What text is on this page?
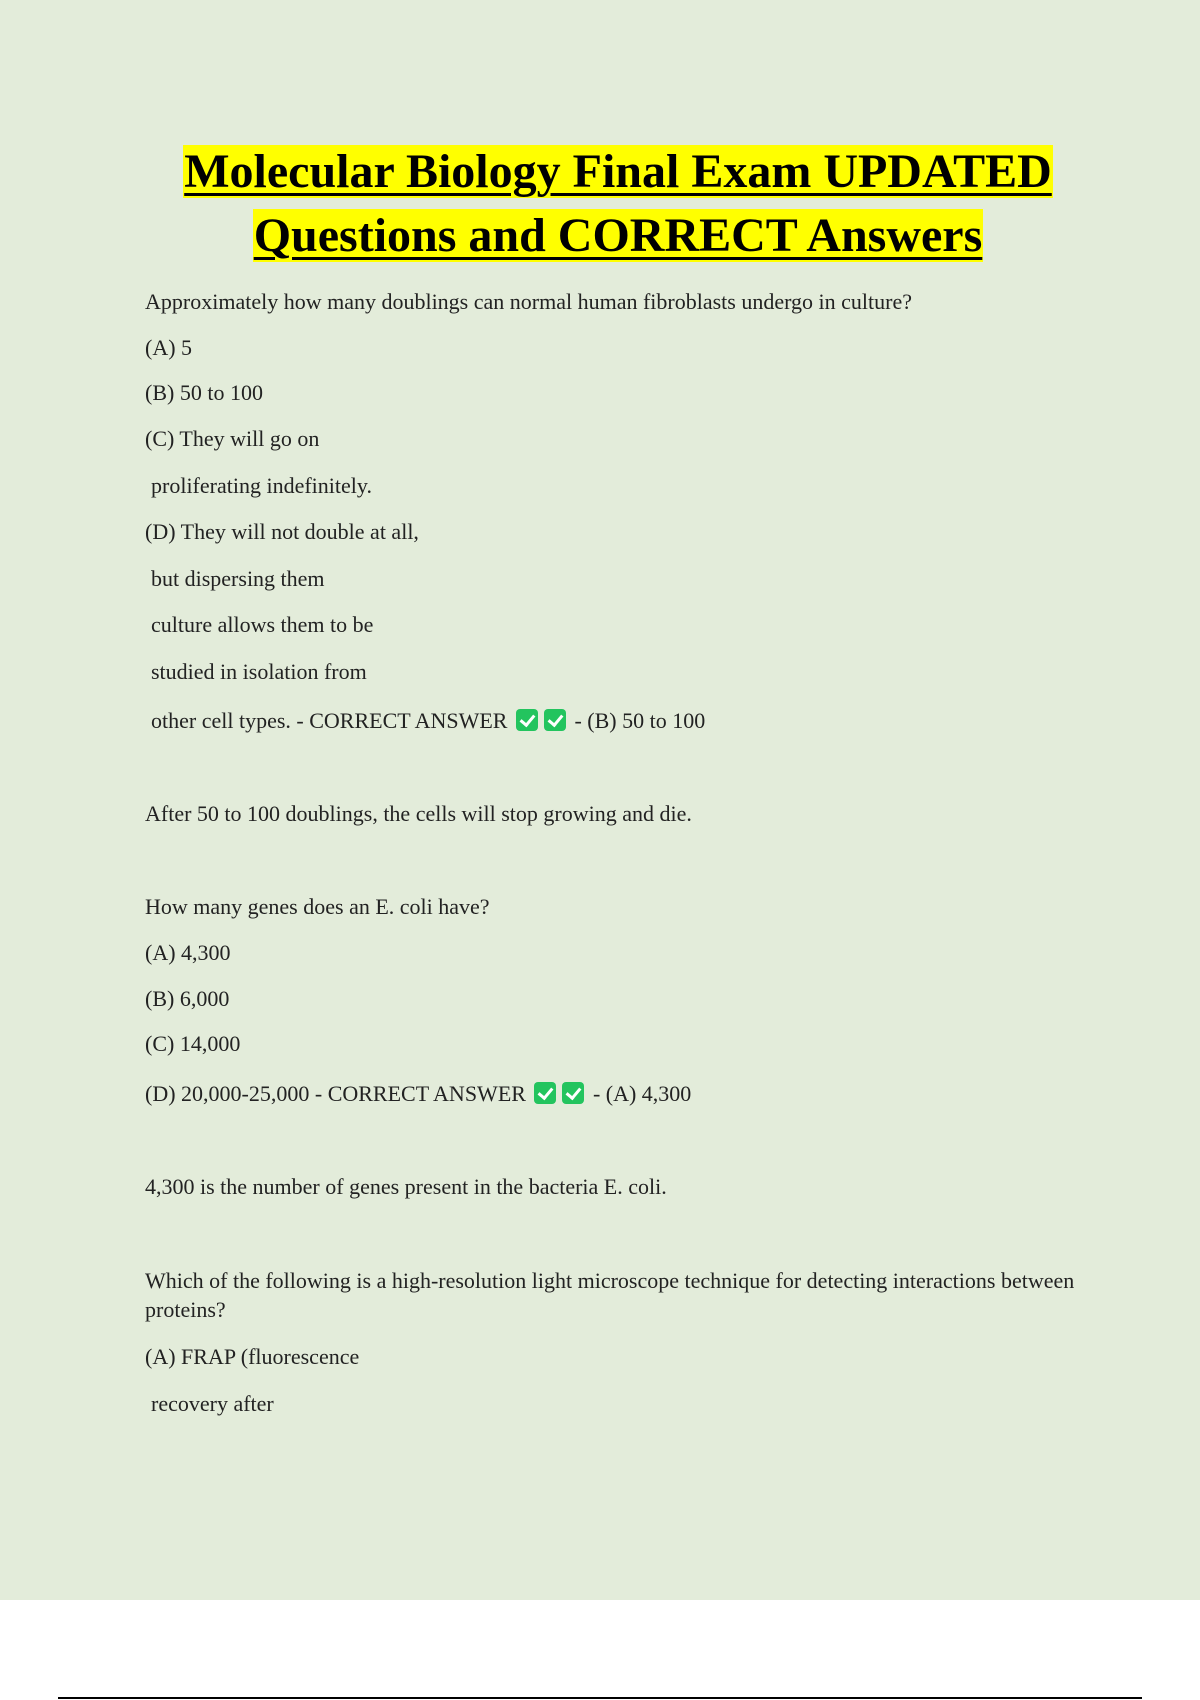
Molecular Biology Final Exam UPDATED
Questions and CORRECT Answers
Approximately how many doublings can normal human fibroblasts undergo in culture?
(A) 5
(B) 50 to 100
(C) They will go on
proliferating indefinitely.
(D) They will not double at all,
but dispersing them
culture allows them to be
studied in isolation from
other cell types. - CORRECT ANSWER	- (B) 50 to 100
After 50 to 100 doublings, the cells will stop growing and die.
How many genes does an E. coli have?
(A) 4,300
(B) 6,000
(C) 14,000
(D) 20,000-25,000 - CORRECT ANSWER	- (A) 4,300
4,300 is the number of genes present in the bacteria E. coli.
Which of the following is a high-resolution light microscope technique for detecting interactions between proteins?
(A) FRAP (fluorescence
recovery after
